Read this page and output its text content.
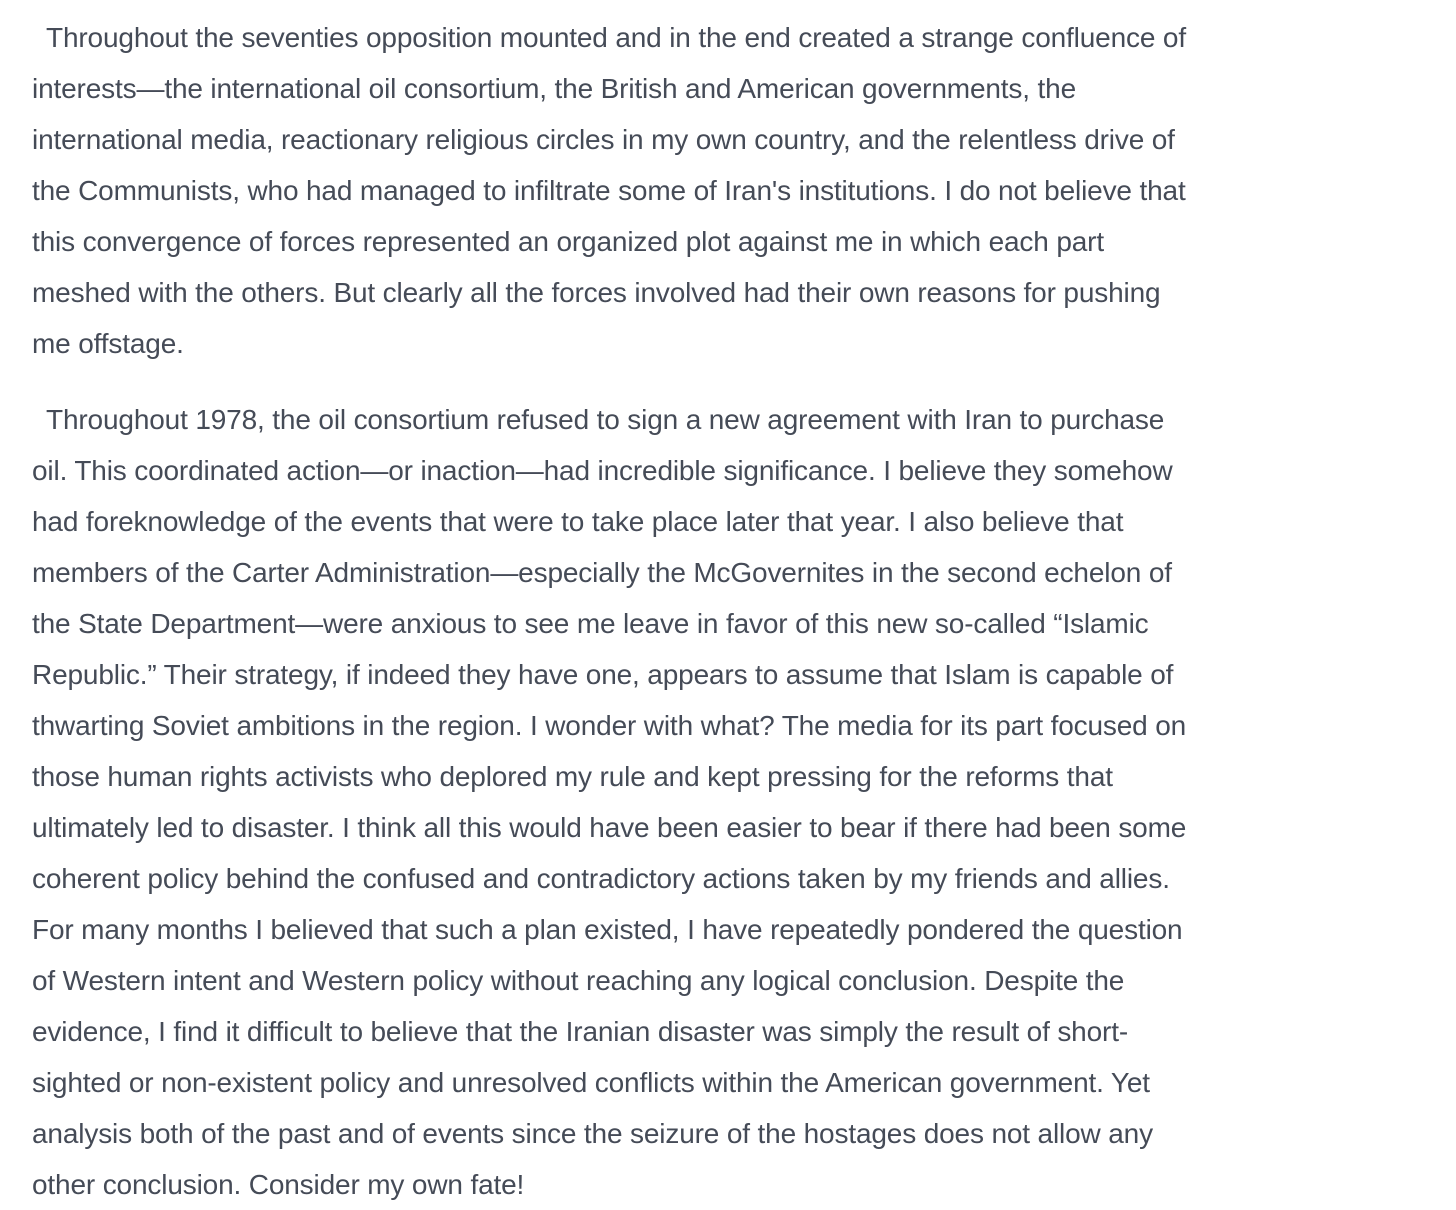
Throughout the seventies opposition mounted and in the end created a strange confluence of
interests—the international oil consortium, the British and American governments, the
international media, reactionary religious circles in my own country, and the relentless drive of
the Communists, who had managed to infiltrate some of Iran's institutions. I do not believe that
this convergence of forces represented an organized plot against me in which each part
meshed with the others. But clearly all the forces involved had their own reasons for pushing
me offstage.
Throughout 1978, the oil consortium refused to sign a new agreement with Iran to purchase
oil. This coordinated action—or inaction—had incredible significance. I believe they somehow
had foreknowledge of the events that were to take place later that year. I also believe that
members of the Carter Administration—especially the McGovernites in the second echelon of
the State Department—were anxious to see me leave in favor of this new so-called “Islamic
Republic.” Their strategy, if indeed they have one, appears to assume that Islam is capable of
thwarting Soviet ambitions in the region. I wonder with what? The media for its part focused on
those human rights activists who deplored my rule and kept pressing for the reforms that
ultimately led to disaster. I think all this would have been easier to bear if there had been some
coherent policy behind the confused and contradictory actions taken by my friends and allies.
For many months I believed that such a plan existed, I have repeatedly pondered the question
of Western intent and Western policy without reaching any logical conclusion. Despite the
evidence, I find it difficult to believe that the Iranian disaster was simply the result of short-
sighted or non-existent policy and unresolved conflicts within the American government. Yet
analysis both of the past and of events since the seizure of the hostages does not allow any
other conclusion. Consider my own fate!
